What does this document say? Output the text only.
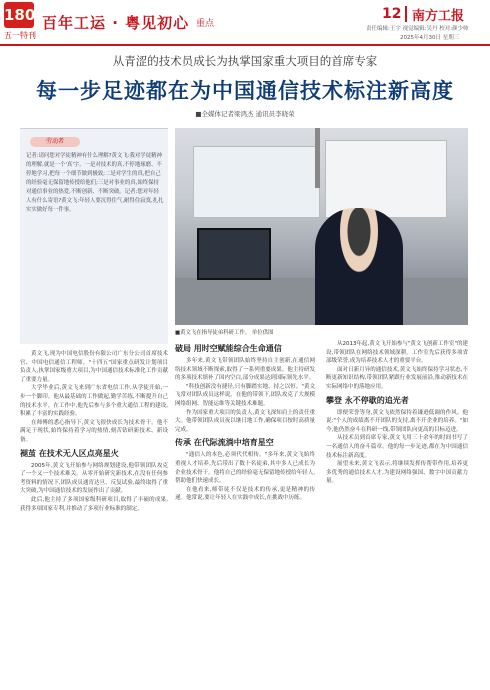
180
五一特刊
百年工运 · 粤见初心 重点
12 南方工报
责任编辑:王宇 视觉编辑:吴丹 校对:颜少帅
2025年4月30日 星期三
从青涩的技术员成长为执掌国家重大项目的首席专家
每一步足迹都在为中国通信技术标注新高度
■全媒体记者梁鸿杰 通讯员李晓荣
劳动者
记者:请问您对学徒精神有什么理解?黄文飞:我对学徒精神的理解,就是一个'真'字。一是对技术的真,不停地琢磨、不停地学习,把每一个细节做到极致;二是对学生的真,把自己的经验毫无保留地传授给他们;三是对事业的真,始终保持对通信事业的热爱,不断创新、不断突破。记者:您对年轻人有什么寄语?黄文飞:年轻人要沉得住气,耐得住寂寞,扎扎实实做好每一件事。
■黄文飞在指导徒弟科研工作。 单位供图

黄文飞,现为中国电信股份有限公司广东分公司首席技术官、中国电信通信工程师。"十四五"国家重点研发计划项目负责人,执掌国家级重大项目,为中国通信技术标准化工作贡献了重要力量。

大学毕业后,黄文飞来到广东省电信工作,从学徒开始,一步一个脚印。他从最基础的工作做起,勤学苦练,不断提升自己的技术水平。在工作中,他先后参与多个重大通信工程的建设,积累了丰富的实践经验。

在师傅的悉心指导下,黄文飞很快成长为技术骨干。他不满足于现状,始终保持着学习的热情,刻苦钻研新技术、新设备。

褪茧 在技术无人区点亮星火

2005年,黄文飞开始参与网络规划建设,他带领团队攻克了一个又一个技术难关。从零开始研究新技术,在没有任何参考资料的情况下,团队成员通宵达旦、反复试验,最终取得了重大突破,为中国通信技术的发展作出了贡献。

此后,他主持了多项国家级科研项目,取得了丰硕的成果,获得多项国家专利,并推动了多项行业标准的制定。

破局 用时空赋能综合生命通信

多年来,黄文飞带领团队始终坚持自主创新,在通信网络技术领域不断探索,取得了一系列重要成果。他主持研发的多项技术填补了国内空白,部分成果达到国际领先水平。

"科技创新没有捷径,只有脚踏实地、持之以恒。"黄文飞常对团队成员这样说。在他的带领下,团队攻克了大规模网络组网、智能运维等关键技术难题。

作为国家重大项目的负责人,黄文飞深知肩上的责任重大。他带领团队成员夜以继日地工作,确保项目按时高质量完成。

传承 在代际流淌中培育星空

"通信人的本色,必须代代相传。"多年来,黄文飞始终重视人才培养,先后带出了数十名徒弟,其中多人已成长为企业技术骨干。他将自己的经验毫无保留地传授给年轻人,帮助他们快速成长。

在他看来,师带徒不仅是技术的传承,更是精神的传递。他常说,要让年轻人在实践中成长,在挑战中历练。

从2013年起,黄文飞开始参与"黄文飞创新工作室"的建设,带领团队在网络技术领域深耕。工作室先后获得多项省部级荣誉,成为培养技术人才的重要平台。

面对日新月异的通信技术,黄文飞始终保持学习状态,不断更新知识结构,带领团队紧跟行业发展前沿,推动新技术在实际网络中的落地应用。

攀登 永不停歇的追光者

即便荣誉等身,黄文飞依然保持着谦逊低调的作风。他说:"个人的成绩离不开团队的支持,离不开企业的培养。"如今,他仍然奋斗在科研一线,带领团队向更高的目标迈进。

从技术员到首席专家,黄文飞用三十余年的时间书写了一名通信人的奋斗篇章。他的每一步足迹,都在为中国通信技术标注新高度。

展望未来,黄文飞表示,将继续发挥传帮带作用,培养更多优秀的通信技术人才,为建设网络强国、数字中国贡献力量。
